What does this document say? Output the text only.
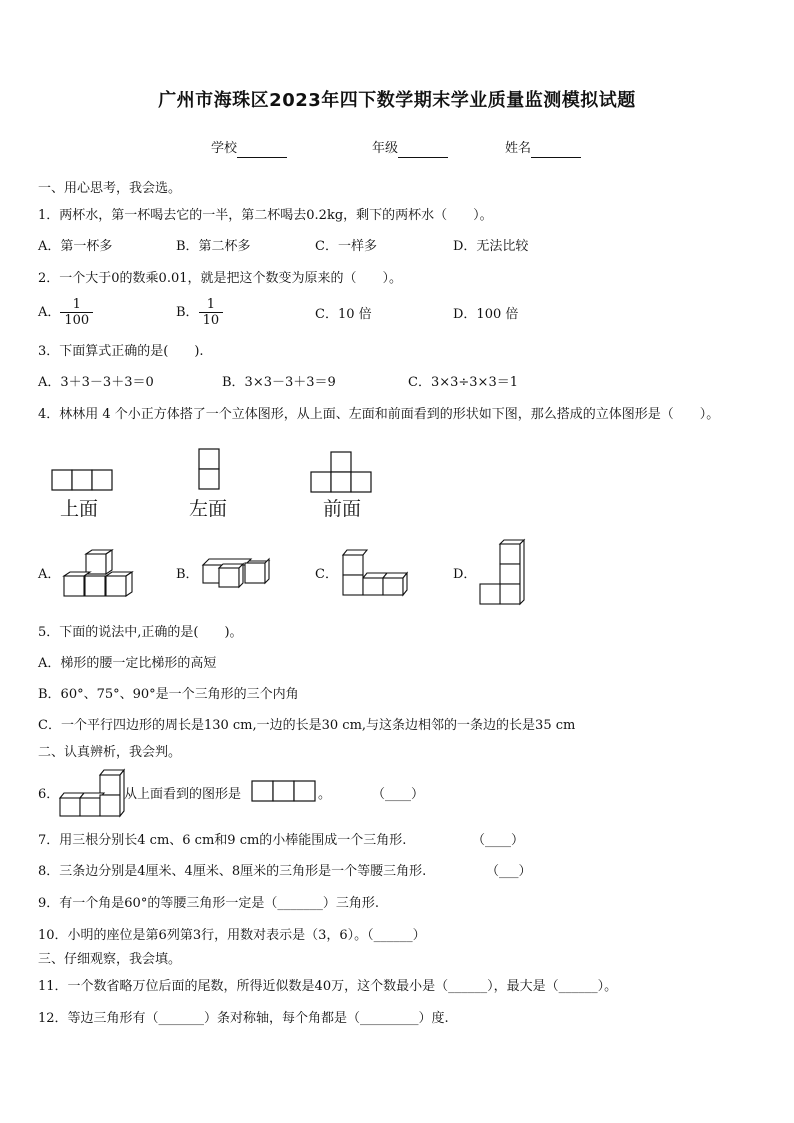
广州市海珠区2023年四下数学期末学业质量监测模拟试题
学校	年级	姓名
一、用心思考，我会选。
1．两杯水，第一杯喝去它的一半，第二杯喝去0.2kg，剩下的两杯水（　　）。
A．第一杯多	B．第二杯多	C．一样多	D．无法比较
2．一个大于0的数乘0.01，就是把这个数变为原来的（　　）。
A． $\frac{1}{100}$	B． $\frac{1}{10}$	C．10 倍	D．100 倍
3．下面算式正确的是(　　).
A．3＋3－3＋3＝0	B．3×3－3＋3＝9	C．3×3÷3×3＝1
4．林林用 4 个小正方体搭了一个立体图形，从上面、左面和前面看到的形状如下图，那么搭成的立体图形是（　　）。
上面	左面	前面
A．	B．	C．	D．
5．下面的说法中,正确的是(　　)。
A．梯形的腰一定比梯形的高短
B．60°、75°、90°是一个三角形的三个内角
C．一个平行四边形的周长是130 cm,一边的长是30 cm,与这条边相邻的一条边的长是35 cm
二、认真辨析，我会判。
6．	从上面看到的图形是	。	（____）
7．用三根分别长4 cm、6 cm和9 cm的小棒能围成一个三角形.	（____）
8．三条边分别是4厘米、4厘米、8厘米的三角形是一个等腰三角形.	（___）
9．有一个角是60°的等腰三角形一定是（_______）三角形.
10．小明的座位是第6列第3行，用数对表示是（3，6）。（______）
三、仔细观察，我会填。
11．一个数省略万位后面的尾数，所得近似数是40万，这个数最小是（______），最大是（______）。
12．等边三角形有（_______）条对称轴，每个角都是（_________）度.
